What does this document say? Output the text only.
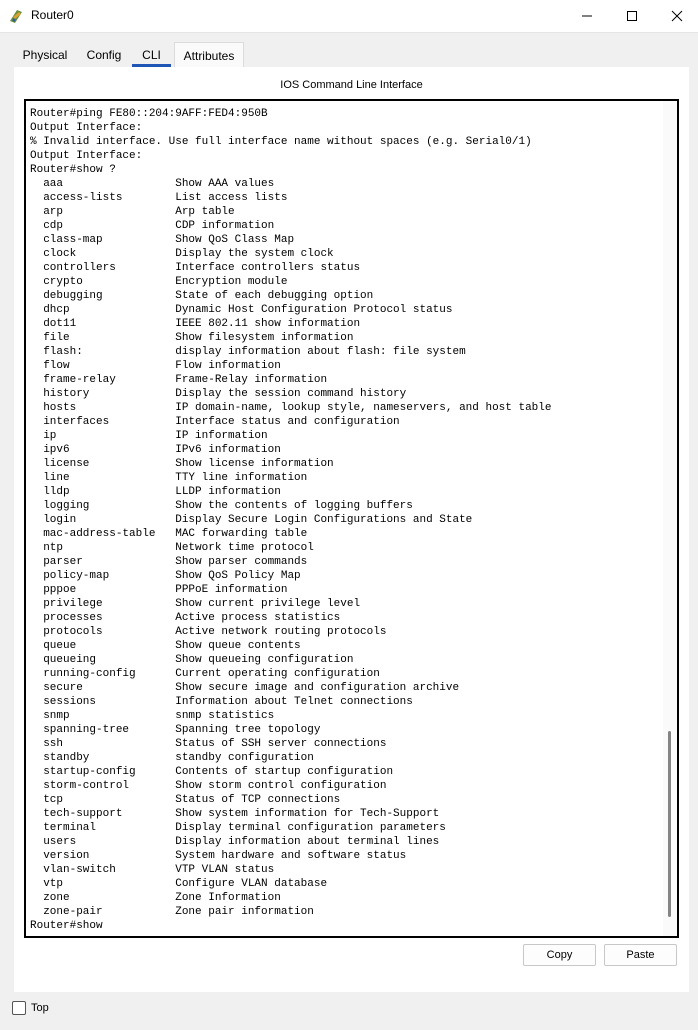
Router0
Physical	Config	CLI	Attributes
IOS Command Line Interface
Router#ping FE80::204:9AFF:FED4:950B
Output Interface:
% Invalid interface. Use full interface name without spaces (e.g. Serial0/1)
Output Interface:
Router#show ?
aaa                 Show AAA values
access-lists        List access lists
arp                 Arp table
cdp                 CDP information
class-map           Show QoS Class Map
clock               Display the system clock
controllers         Interface controllers status
crypto              Encryption module
debugging           State of each debugging option
dhcp                Dynamic Host Configuration Protocol status
dot11               IEEE 802.11 show information
file                Show filesystem information
flash:              display information about flash: file system
flow                Flow information
frame-relay         Frame-Relay information
history             Display the session command history
hosts               IP domain-name, lookup style, nameservers, and host table
interfaces          Interface status and configuration
ip                  IP information
ipv6                IPv6 information
license             Show license information
line                TTY line information
lldp                LLDP information
logging             Show the contents of logging buffers
login               Display Secure Login Configurations and State
mac-address-table   MAC forwarding table
ntp                 Network time protocol
parser              Show parser commands
policy-map          Show QoS Policy Map
pppoe               PPPoE information
privilege           Show current privilege level
processes           Active process statistics
protocols           Active network routing protocols
queue               Show queue contents
queueing            Show queueing configuration
running-config      Current operating configuration
secure              Show secure image and configuration archive
sessions            Information about Telnet connections
snmp                snmp statistics
spanning-tree       Spanning tree topology
ssh                 Status of SSH server connections
standby             standby configuration
startup-config      Contents of startup configuration
storm-control       Show storm control configuration
tcp                 Status of TCP connections
tech-support        Show system information for Tech-Support
terminal            Display terminal configuration parameters
users               Display information about terminal lines
version             System hardware and software status
vlan-switch         VTP VLAN status
vtp                 Configure VLAN database
zone                Zone Information
zone-pair           Zone pair information
Router#show
Copy	Paste
Top
